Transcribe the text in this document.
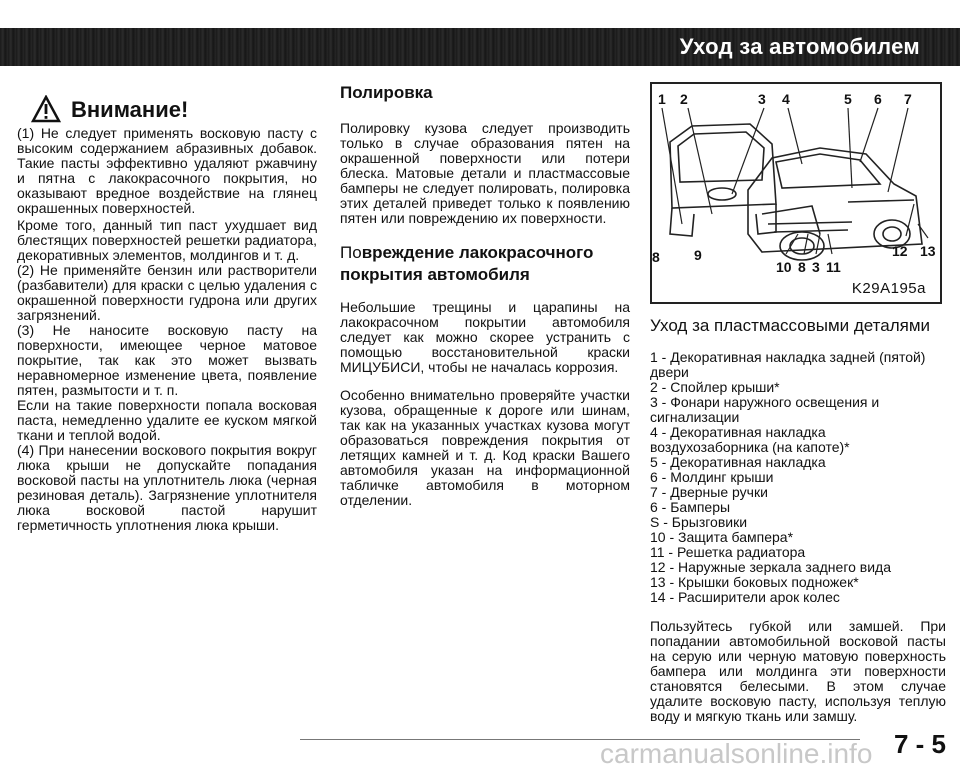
Уход за автомобилем
Внимание!

(1) Не следует применять восковую пасту с высоким содержанием абразивных добавок. Такие пасты эффективно удаляют ржавчину и пятна с лакокрасочного покрытия, но оказывают вредное воздействие на глянец окрашенных поверхностей.

Кроме того, данный тип паст ухудшает вид блестящих поверхностей решетки радиатора, декоративных элементов, молдингов и т. д.

(2) Не применяйте бензин или растворители (разбавители) для краски с целью удаления с окрашенной поверхности гудрона или других загрязнений.

(3) Не наносите восковую пасту на поверхности, имеющее черное матовое покрытие, так как это может вызвать неравномерное изменение цвета, появление пятен, размытости и т. п.

Если на такие поверхности попала восковая паста, немедленно удалите ее куском мягкой ткани и теплой водой.

(4) При нанесении воскового покрытия вокруг люка крыши не допускайте попадания восковой пасты на уплотнитель люка (черная резиновая деталь). Загрязнение уплотнителя люка восковой пастой нарушит герметичность уплотнения люка крыши.

Полировка

Полировку кузова следует производить только в случае образования пятен на окрашенной поверхности или потери блеска. Матовые детали и пластмассовые бамперы не следует полировать, полировка этих деталей приведет только к появлению пятен или повреждению их поверхности.

Повреждение лакокрасочного покрытия автомобиля

Небольшие трещины и царапины на лакокрасочном покрытии автомобиля следует как можно скорее устранить с помощью восстановительной краски МИЦУБИСИ, чтобы не началась коррозия.

Особенно внимательно проверяйте участки кузова, обращенные к дороге или шинам, так как на указанных участках кузова могут образоваться повреждения покрытия от летящих камней и т. д. Код краски Вашего автомобиля указан на информационной табличке автомобиля в моторном отделении.

1 2	3 4	5 6 7
8 9
10 8 3 11
12 13
K29A195a
Уход за пластмассовыми деталями
1 - Декоративная накладка задней (пятой) двери
2 - Спойлер крыши*
3 - Фонари наружного освещения и сигнализации
4 - Декоративная накладка воздухозаборника (на капоте)*
5 - Декоративная накладка
6 - Молдинг крыши
7 - Дверные ручки
6 - Бамперы
S - Брызговики
10 - Защита бампера*
11 - Решетка радиатора
12 - Наружные зеркала заднего вида
13 - Крышки боковых подножек*
14 - Расширители арок колес

Пользуйтесь губкой или замшей. При попадании автомобильной восковой пасты на серую или черную матовую поверхность бампера или молдинга эти поверхности становятся белесыми. В этом случае удалите восковую пасту, используя теплую воду и мягкую ткань или замшу.

carmanualsonline.info 7 - 5
